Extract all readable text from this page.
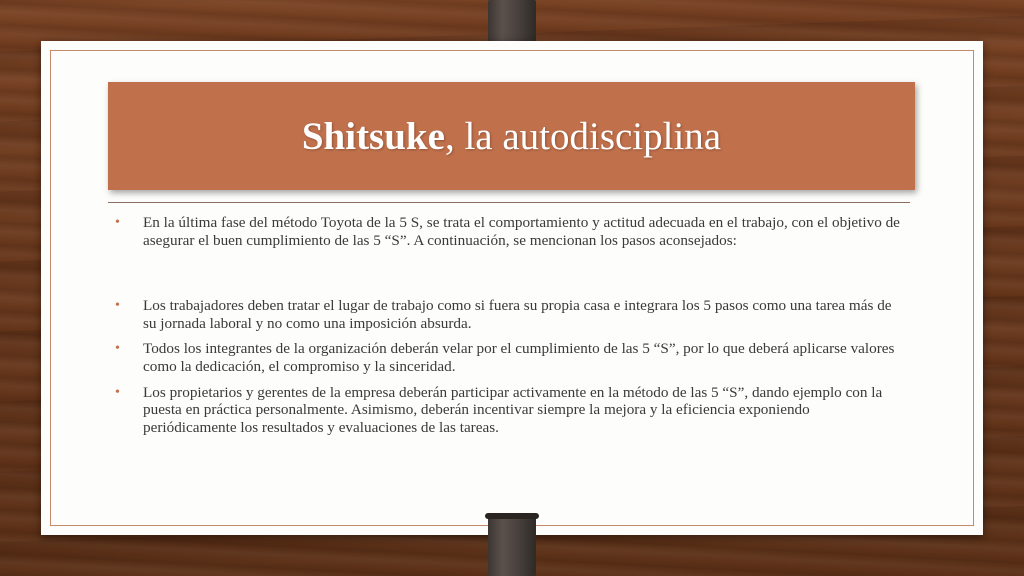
Shitsuke, la autodisciplina

• En la última fase del método Toyota de la 5 S, se trata el comportamiento y actitud adecuada en el trabajo, con el objetivo de asegurar el buen cumplimiento de las 5 “S”. A continuación, se mencionan los pasos aconsejados:

• Los trabajadores deben tratar el lugar de trabajo como si fuera su propia casa e integrara los 5 pasos como una tarea más de su jornada laboral y no como una imposición absurda.

• Todos los integrantes de la organización deberán velar por el cumplimiento de las 5 “S”, por lo que deberá aplicarse valores como la dedicación, el compromiso y la sinceridad.

• Los propietarios y gerentes de la empresa deberán participar activamente en la método de las 5 “S”, dando ejemplo con la puesta en práctica personalmente. Asimismo, deberán incentivar siempre la mejora y la eficiencia exponiendo periódicamente los resultados y evaluaciones de las tareas.
